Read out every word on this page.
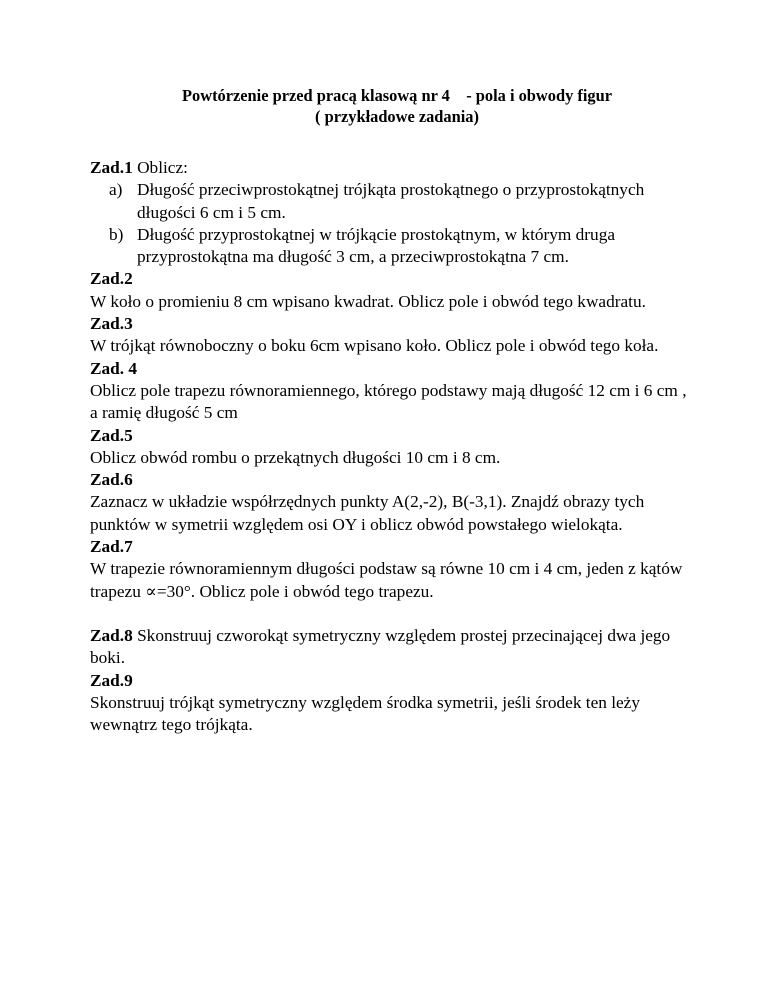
Powtórzenie przed pracą klasową nr 4    - pola i obwody figur
( przykładowe zadania)

Zad.1 Oblicz:

a) Długość przeciwprostokątnej trójkąta prostokątnego o przyprostokątnych długości 6 cm i 5 cm.

b) Długość przyprostokątnej w trójkącie prostokątnym, w którym druga przyprostokątna ma długość 3 cm, a przeciwprostokątna 7 cm.

Zad.2

W koło o promieniu 8 cm wpisano kwadrat. Oblicz pole i obwód tego kwadratu.

Zad.3

W trójkąt równoboczny o boku 6cm wpisano koło. Oblicz pole i obwód tego koła.

Zad. 4

Oblicz pole trapezu równoramiennego, którego podstawy mają długość 12 cm i 6 cm , a ramię długość 5 cm

Zad.5

Oblicz obwód rombu o przekątnych długości 10 cm i 8 cm.

Zad.6

Zaznacz w układzie współrzędnych punkty A(2,-2), B(-3,1). Znajdź obrazy tych punktów w symetrii względem osi OY i oblicz obwód powstałego wielokąta.

Zad.7

W trapezie równoramiennym długości podstaw są równe 10 cm i 4 cm, jeden z kątów trapezu ∝=30°. Oblicz pole i obwód tego trapezu.

Zad.8 Skonstruuj czworokąt symetryczny względem prostej przecinającej dwa jego boki.

Zad.9

Skonstruuj trójkąt symetryczny względem środka symetrii, jeśli środek ten leży wewnątrz tego trójkąta.
